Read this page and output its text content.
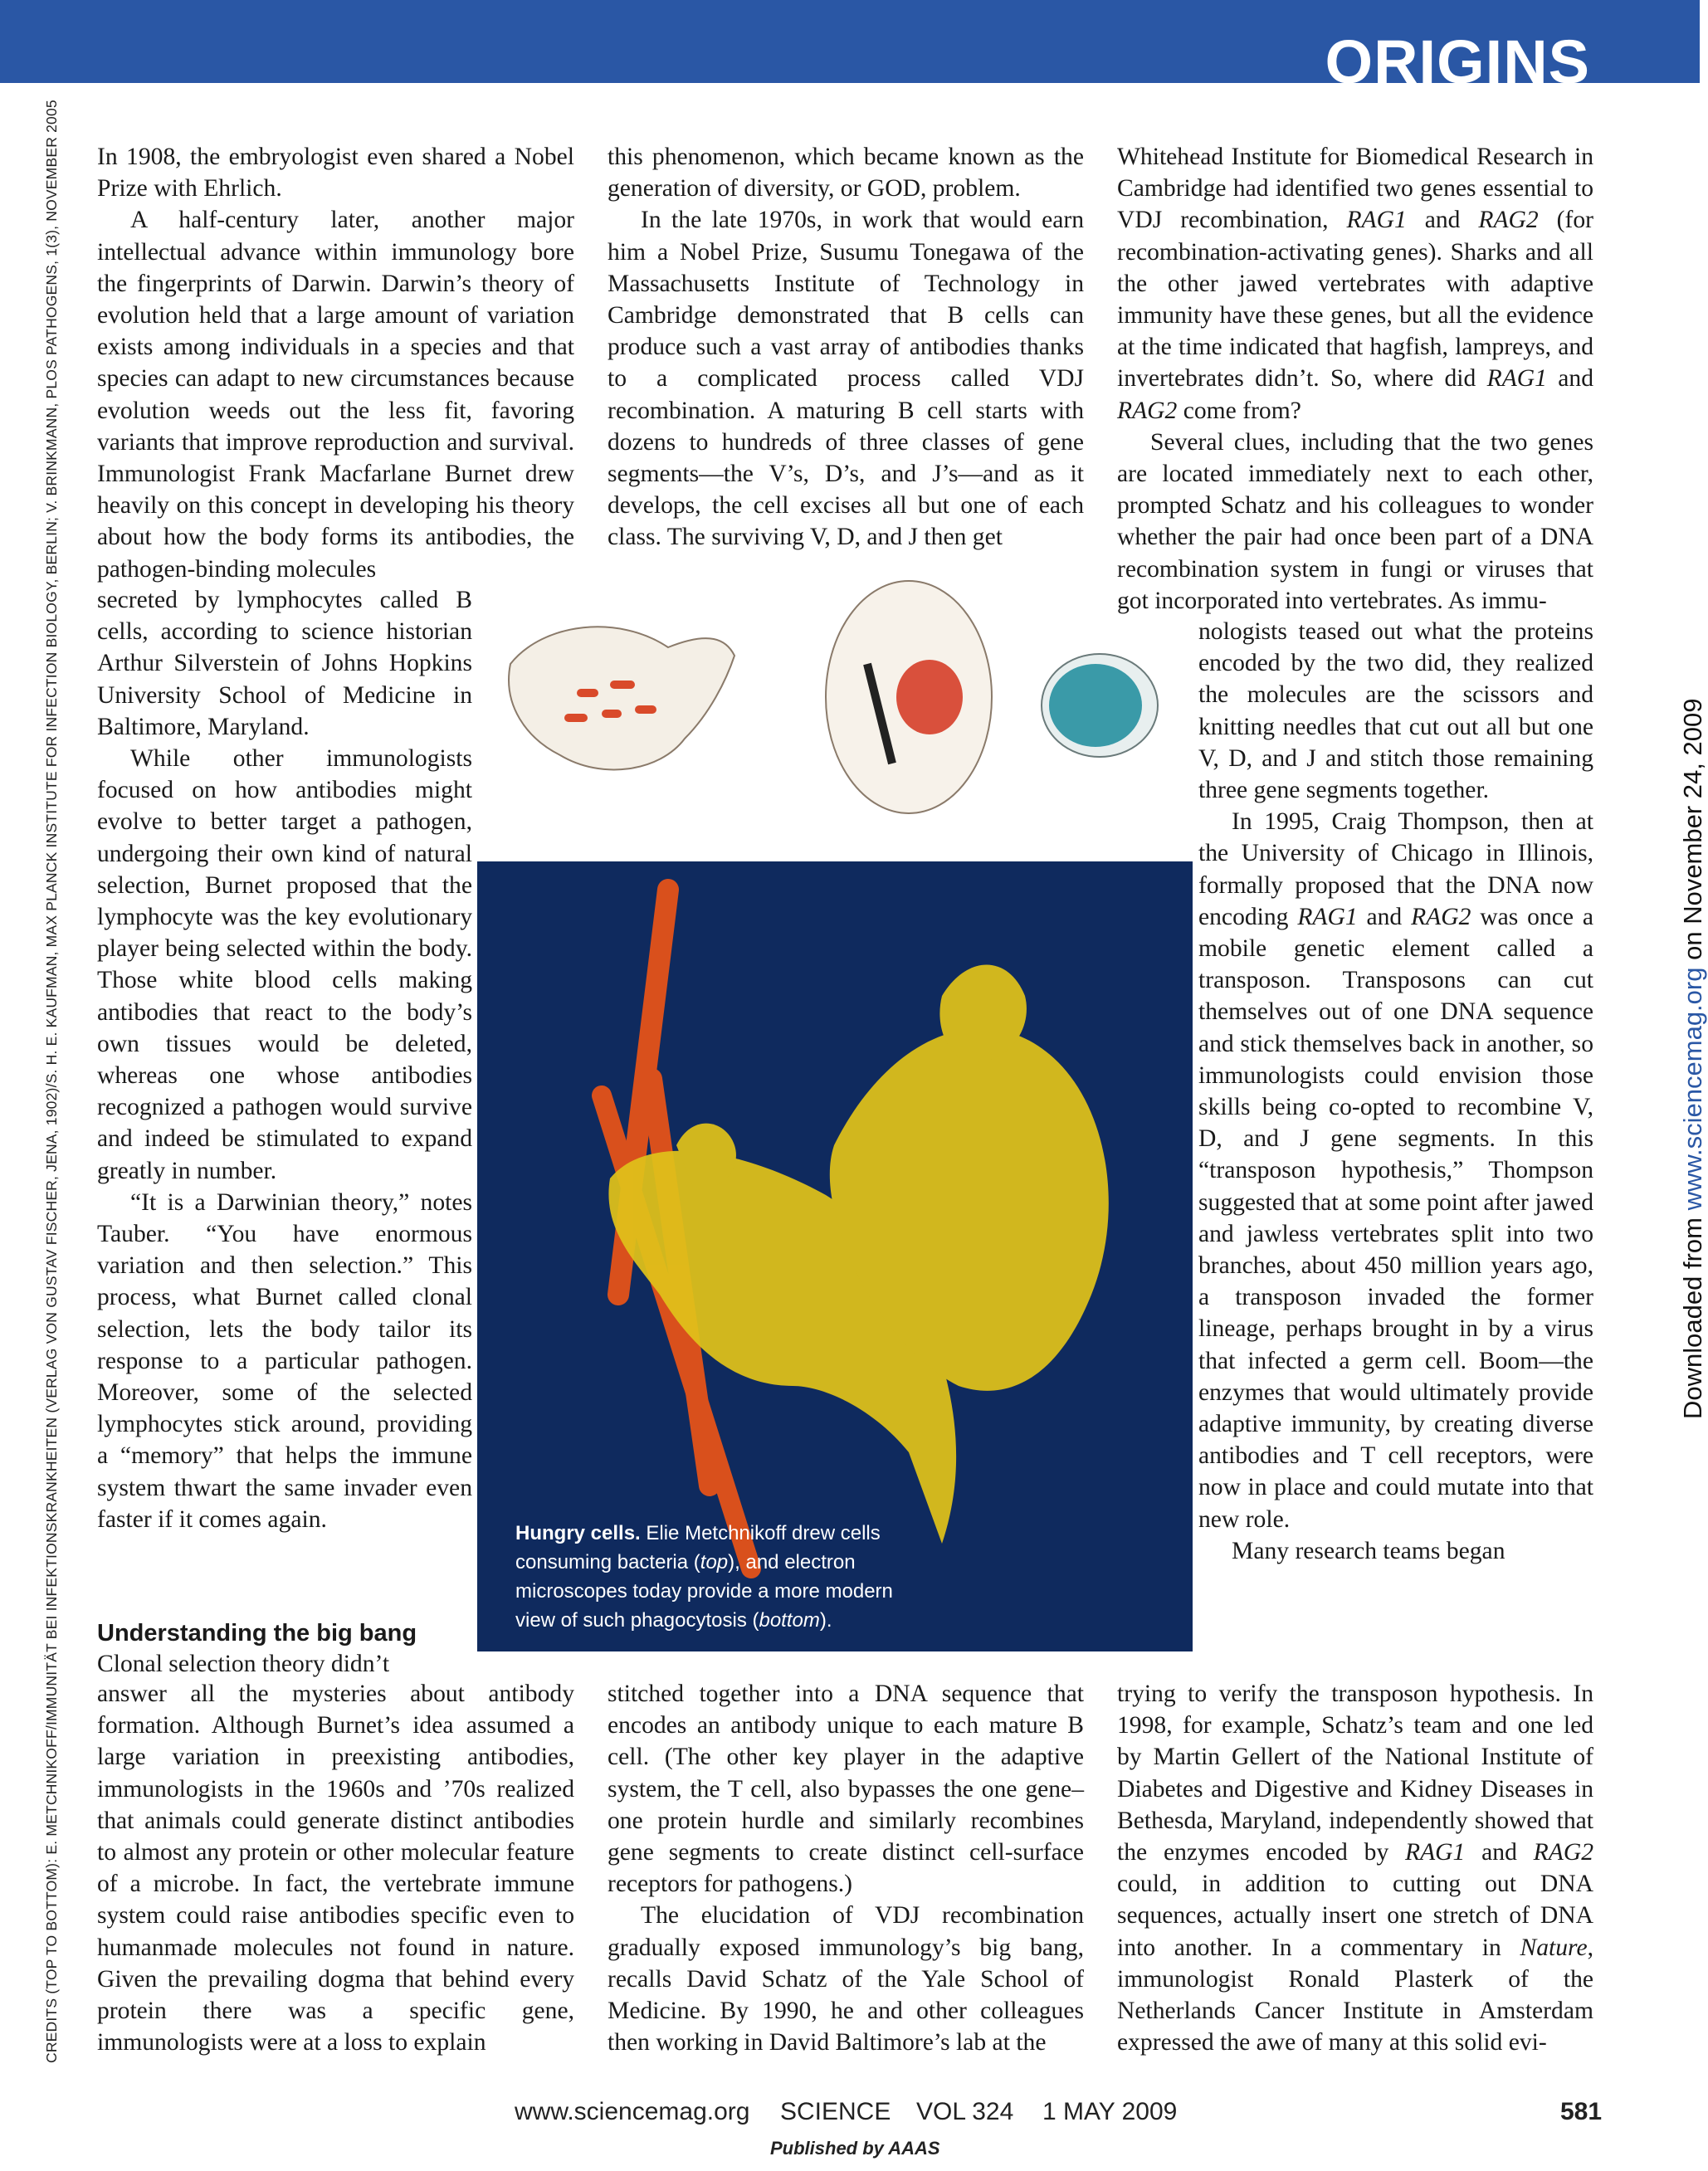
ORIGINS
CREDITS (TOP TO BOTTOM): E. METCHNIKOFF/IMMUNITÄT BEI INFEKTIONSKRANKHEITEN (VERLAG VON GUSTAV FISCHER, JENA, 1902)/S. H. E. KAUFMAN, MAX PLANCK INSTITUTE FOR INFECTION BIOLOGY, BERLIN; V. BRINKMANN, PLOS PATHOGENS, 1(3), NOVEMBER 2005	Downloaded from www.sciencemag.org on November 24, 2009
Hungry cells. Elie Metchnikoff drew cells consuming bacteria (top), and electron microscopes today provide a more modern view of such phagocytosis (bottom).

In 1908, the embryologist even shared a Nobel Prize with Ehrlich.

A half-century later, another major intellectual advance within immunology bore the fingerprints of Darwin. Darwin’s theory of evolution held that a large amount of variation exists among individuals in a species and that species can adapt to new circumstances because evolution weeds out the less fit, favoring variants that improve reproduction and survival. Immunologist Frank Macfarlane Burnet drew heavily on this concept in developing his theory about how the body forms its antibodies, the pathogen-binding molecules

secreted by lymphocytes called B cells, according to science historian Arthur Silverstein of Johns Hopkins University School of Medicine in Baltimore, Maryland.

While other immunologists focused on how antibodies might evolve to better target a pathogen, undergoing their own kind of natural selection, Burnet proposed that the lymphocyte was the key evolutionary player being selected within the body. Those white blood cells making antibodies that react to the body’s own tissues would be deleted, whereas one whose antibodies recognized a pathogen would survive and indeed be stimulated to expand greatly in number.

“It is a Darwinian theory,” notes Tauber. “You have enormous variation and then selection.” This process, what Burnet called clonal selection, lets the body tailor its response to a particular pathogen. Moreover, some of the selected lymphocytes stick around, providing a “memory” that helps the immune system thwart the same invader even faster if it comes again.

Understanding the big bang

Clonal selection theory didn’t

answer all the mysteries about antibody formation. Although Burnet’s idea assumed a large variation in preexisting antibodies, immunologists in the 1960s and ’70s realized that animals could generate distinct antibodies to almost any protein or other molecular feature of a microbe. In fact, the vertebrate immune system could raise antibodies specific even to humanmade molecules not found in nature. Given the prevailing dogma that behind every protein there was a specific gene, immunologists were at a loss to explain

this phenomenon, which became known as the generation of diversity, or GOD, problem.

In the late 1970s, in work that would earn him a Nobel Prize, Susumu Tonegawa of the Massachusetts Institute of Technology in Cambridge demonstrated that B cells can produce such a vast array of antibodies thanks to a complicated process called VDJ recombination. A maturing B cell starts with dozens to hundreds of three classes of gene segments—the V’s, D’s, and J’s—and as it develops, the cell excises all but one of each class. The surviving V, D, and J then get

stitched together into a DNA sequence that encodes an antibody unique to each mature B cell. (The other key player in the adaptive system, the T cell, also bypasses the one gene–one protein hurdle and similarly recombines gene segments to create distinct cell-surface receptors for pathogens.)

The elucidation of VDJ recombination gradually exposed immunology’s big bang, recalls David Schatz of the Yale School of Medicine. By 1990, he and other colleagues then working in David Baltimore’s lab at the

Whitehead Institute for Biomedical Research in Cambridge had identified two genes essential to VDJ recombination, RAG1 and RAG2 (for recombination-activating genes). Sharks and all the other jawed vertebrates with adaptive immunity have these genes, but all the evidence at the time indicated that hagfish, lampreys, and invertebrates didn’t. So, where did RAG1 and RAG2 come from?

Several clues, including that the two genes are located immediately next to each other, prompted Schatz and his colleagues to wonder whether the pair had once been part of a DNA recombination system in fungi or viruses that got incorporated into vertebrates. As immu-

nologists teased out what the proteins encoded by the two did, they realized the molecules are the scissors and knitting needles that cut out all but one V, D, and J and stitch those remaining three gene segments together.

In 1995, Craig Thompson, then at the University of Chicago in Illinois, formally proposed that the DNA now encoding RAG1 and RAG2 was once a mobile genetic element called a transposon. Transposons can cut themselves out of one DNA sequence and stick themselves back in another, so immunologists could envision those skills being co-opted to recombine V, D, and J gene segments. In this “transposon hypothesis,” Thompson suggested that at some point after jawed and jawless vertebrates split into two branches, about 450 million years ago, a transposon invaded the former lineage, perhaps brought in by a virus that infected a germ cell. Boom—the enzymes that would ultimately provide adaptive immunity, by creating diverse antibodies and T cell receptors, were now in place and could mutate into that new role.

Many research teams began

trying to verify the transposon hypothesis. In 1998, for example, Schatz’s team and one led by Martin Gellert of the National Institute of Diabetes and Digestive and Kidney Diseases in Bethesda, Maryland, independently showed that the enzymes encoded by RAG1 and RAG2 could, in addition to cutting out DNA sequences, actually insert one stretch of DNA into another. In a commentary in Nature, immunologist Ronald Plasterk of the Netherlands Cancer Institute in Amsterdam expressed the awe of many at this solid evi-

www.sciencemag.org SCIENCE VOL 324 1 MAY 2009	581
Published by AAAS
